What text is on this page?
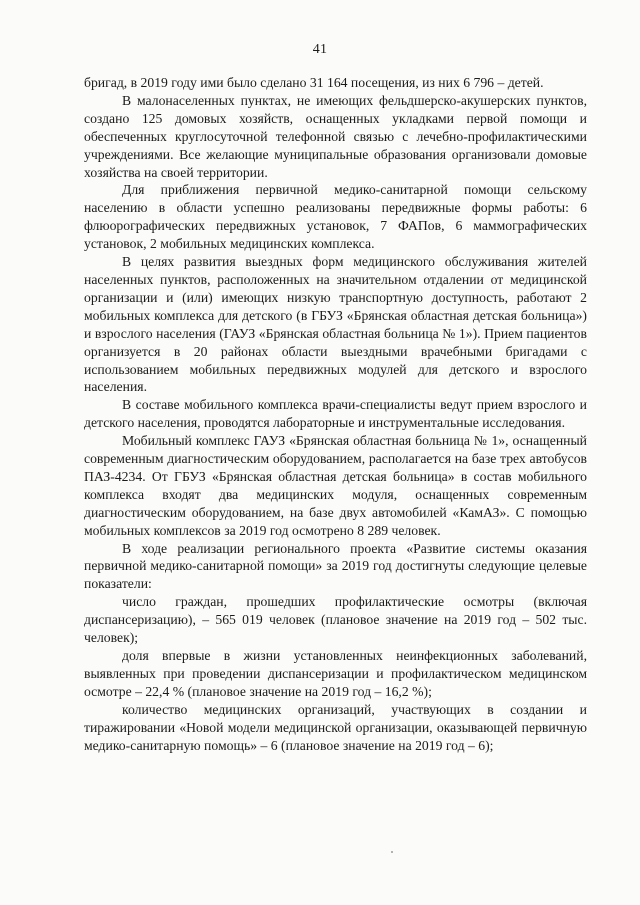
41

бригад, в 2019 году ими было сделано 31 164 посещения, из них 6 796 – детей.

В малонаселенных пунктах, не имеющих фельдшерско-акушерских пунктов, создано 125 домовых хозяйств, оснащенных укладками первой помощи и обеспеченных круглосуточной телефонной связью с лечебно-профилактическими учреждениями. Все желающие муниципальные образования организовали домовые хозяйства на своей территории.

Для приближения первичной медико-санитарной помощи сельскому населению в области успешно реализованы передвижные формы работы: 6 флюорографических передвижных установок, 7 ФАПов, 6 маммографических установок, 2 мобильных медицинских комплекса.

В целях развития выездных форм медицинского обслуживания жителей населенных пунктов, расположенных на значительном отдалении от медицинской организации и (или) имеющих низкую транспортную доступность, работают 2 мобильных комплекса для детского (в ГБУЗ «Брянская областная детская больница») и взрослого населения (ГАУЗ «Брянская областная больница № 1»). Прием пациентов организуется в 20 районах области выездными врачебными бригадами с использованием мобильных передвижных модулей для детского и взрослого населения.

В составе мобильного комплекса врачи-специалисты ведут прием взрослого и детского населения, проводятся лабораторные и инструментальные исследования.

Мобильный комплекс ГАУЗ «Брянская областная больница № 1», оснащенный современным диагностическим оборудованием, располагается на базе трех автобусов ПАЗ-4234. От ГБУЗ «Брянская областная детская больница» в состав мобильного комплекса входят два медицинских модуля, оснащенных современным диагностическим оборудованием, на базе двух автомобилей «КамАЗ». С помощью мобильных комплексов за 2019 год осмотрено 8 289 человек.

В ходе реализации регионального проекта «Развитие системы оказания первичной медико-санитарной помощи» за 2019 год достигнуты следующие целевые показатели:

число граждан, прошедших профилактические осмотры (включая диспансеризацию), – 565 019 человек (плановое значение на 2019 год – 502 тыс. человек);

доля впервые в жизни установленных неинфекционных заболеваний, выявленных при проведении диспансеризации и профилактическом медицинском осмотре – 22,4 % (плановое значение на 2019 год – 16,2 %);

количество медицинских организаций, участвующих в создании и тиражировании «Новой модели медицинской организации, оказывающей первичную медико-санитарную помощь» – 6 (плановое значение на 2019 год – 6);
